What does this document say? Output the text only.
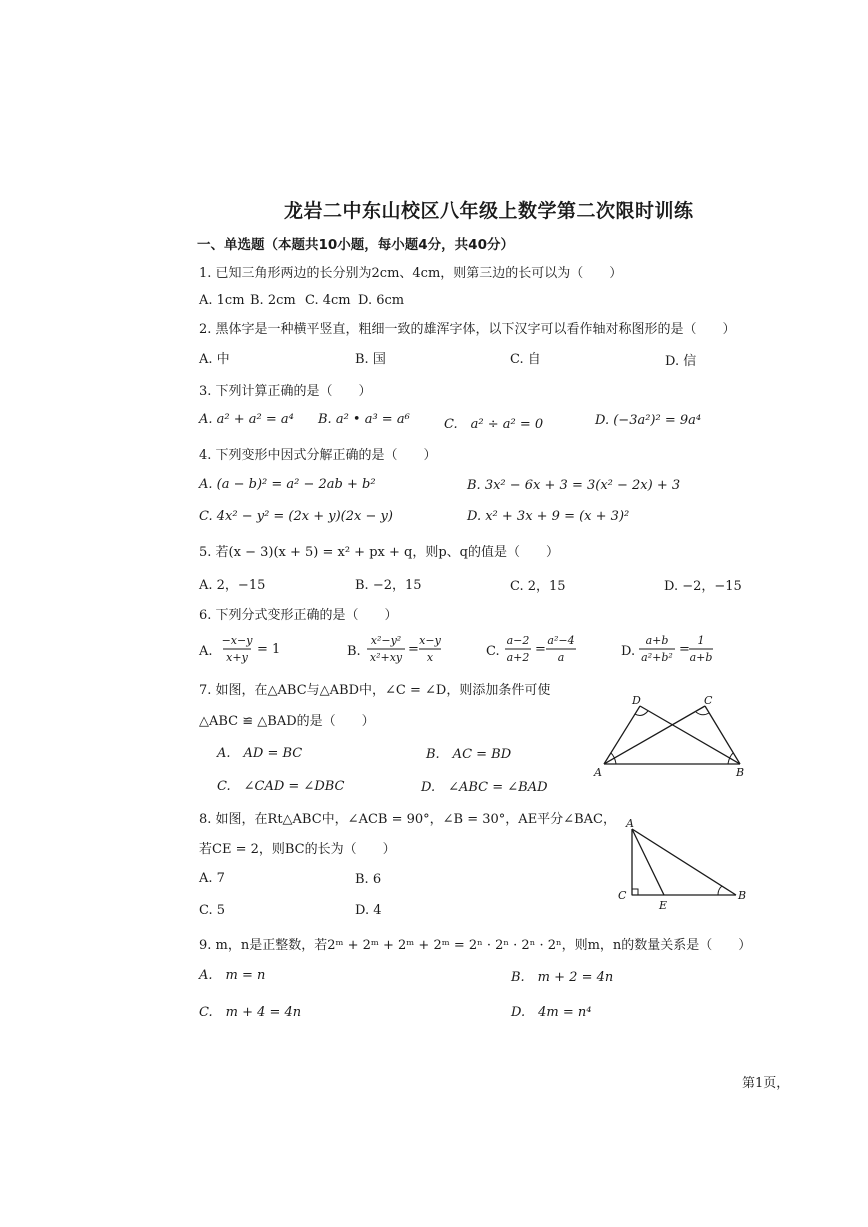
龙岩二中东山校区八年级上数学第二次限时训练
一、单选题（本题共10小题，每小题4分，共40分）
1. 已知三角形两边的长分别为2cm、4cm，则第三边的长可以为（　　）
A. 1cm B. 2cm C. 4cm D. 6cm
2. 黑体字是一种横平竖直，粗细一致的雄浑字体，以下汉字可以看作轴对称图形的是（　　）
A. 中	B. 国	C. 自	D. 信
3. 下列计算正确的是（　　）
A. a² + a² = a⁴ B. a² • a³ = a⁶	C.　a² ÷ a² = 0	D. (−3a²)² = 9a⁴
4. 下列变形中因式分解正确的是（　　）
A. (a − b)² = a² − 2ab + b²	B. 3x² − 6x + 3 = 3(x² − 2x) + 3
C. 4x² − y² = (2x + y)(2x − y)	D. x² + 3x + 9 = (x + 3)²
5. 若(x − 3)(x + 5) = x² + px + q，则p、q的值是（　　）
A. 2，−15	B. −2，15	C. 2，15	D. −2，−15
6. 下列分式变形正确的是（　　）
A.
−x−y
x+y
= 1	B.
x²−y²
x²+xy
=
x−y
x	C.
a−2
a+2
=
a²−4
a	D.
a+b
a²+b²
=
1
a+b
7. 如图，在△ABC与△ABD中，∠C = ∠D，则添加条件可使
△ABC ≌ △BAD的是（　　）
A.　AD = BC	B.　AC = BD
C.　∠CAD = ∠DBC	D.　∠ABC = ∠BAD
D	C
A	B
8. 如图，在Rt△ABC中，∠ACB = 90°，∠B = 30°，AE平分∠BAC，
若CE = 2，则BC的长为（　　）
A. 7	B. 6
C. 5	D. 4
A
C
E
B
9. m，n是正整数，若2ᵐ + 2ᵐ + 2ᵐ + 2ᵐ = 2ⁿ · 2ⁿ · 2ⁿ · 2ⁿ，则m，n的数量关系是（　　）
A.　m = n	B.　m + 2 = 4n
C.　m + 4 = 4n	D.　4m = n⁴
第1页，
